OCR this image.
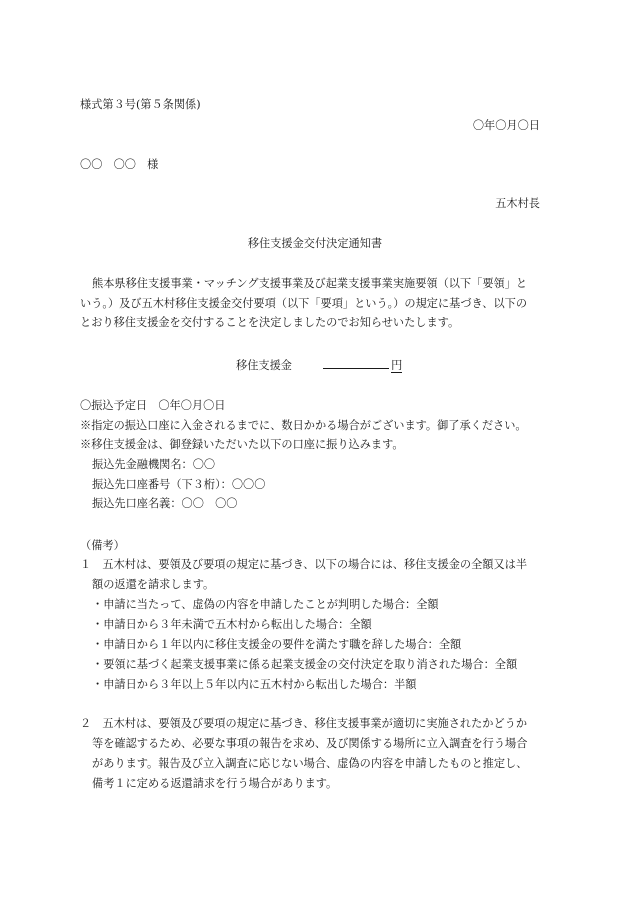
様式第３号(第５条関係)
〇年〇月〇日
〇〇　〇〇　様
五木村長
移住支援金交付決定通知書
熊本県移住支援事業・マッチング支援事業及び起業支援事業実施要領（以下「要領」と
いう。）及び五木村移住支援金交付要項（以下「要項」という。）の規定に基づき、以下の
とおり移住支援金を交付することを決定しましたのでお知らせいたします。
移住支援金	円
〇振込予定日　〇年〇月〇日
※指定の振込口座に入金されるまでに、数日かかる場合がございます。御了承ください。
※移住支援金は、御登録いただいた以下の口座に振り込みます。
振込先金融機関名：〇〇
振込先口座番号（下３桁）：〇〇〇
振込先口座名義：〇〇　〇〇
（備考）
１　五木村は、要領及び要項の規定に基づき、以下の場合には、移住支援金の全額又は半
額の返還を請求します。
・申請に当たって、虚偽の内容を申請したことが判明した場合：全額
・申請日から３年未満で五木村から転出した場合：全額
・申請日から１年以内に移住支援金の要件を満たす職を辞した場合：全額
・要領に基づく起業支援事業に係る起業支援金の交付決定を取り消された場合：全額
・申請日から３年以上５年以内に五木村から転出した場合：半額
２　五木村は、要領及び要項の規定に基づき、移住支援事業が適切に実施されたかどうか
等を確認するため、必要な事項の報告を求め、及び関係する場所に立入調査を行う場合
があります。報告及び立入調査に応じない場合、虚偽の内容を申請したものと推定し、
備考１に定める返還請求を行う場合があります。
